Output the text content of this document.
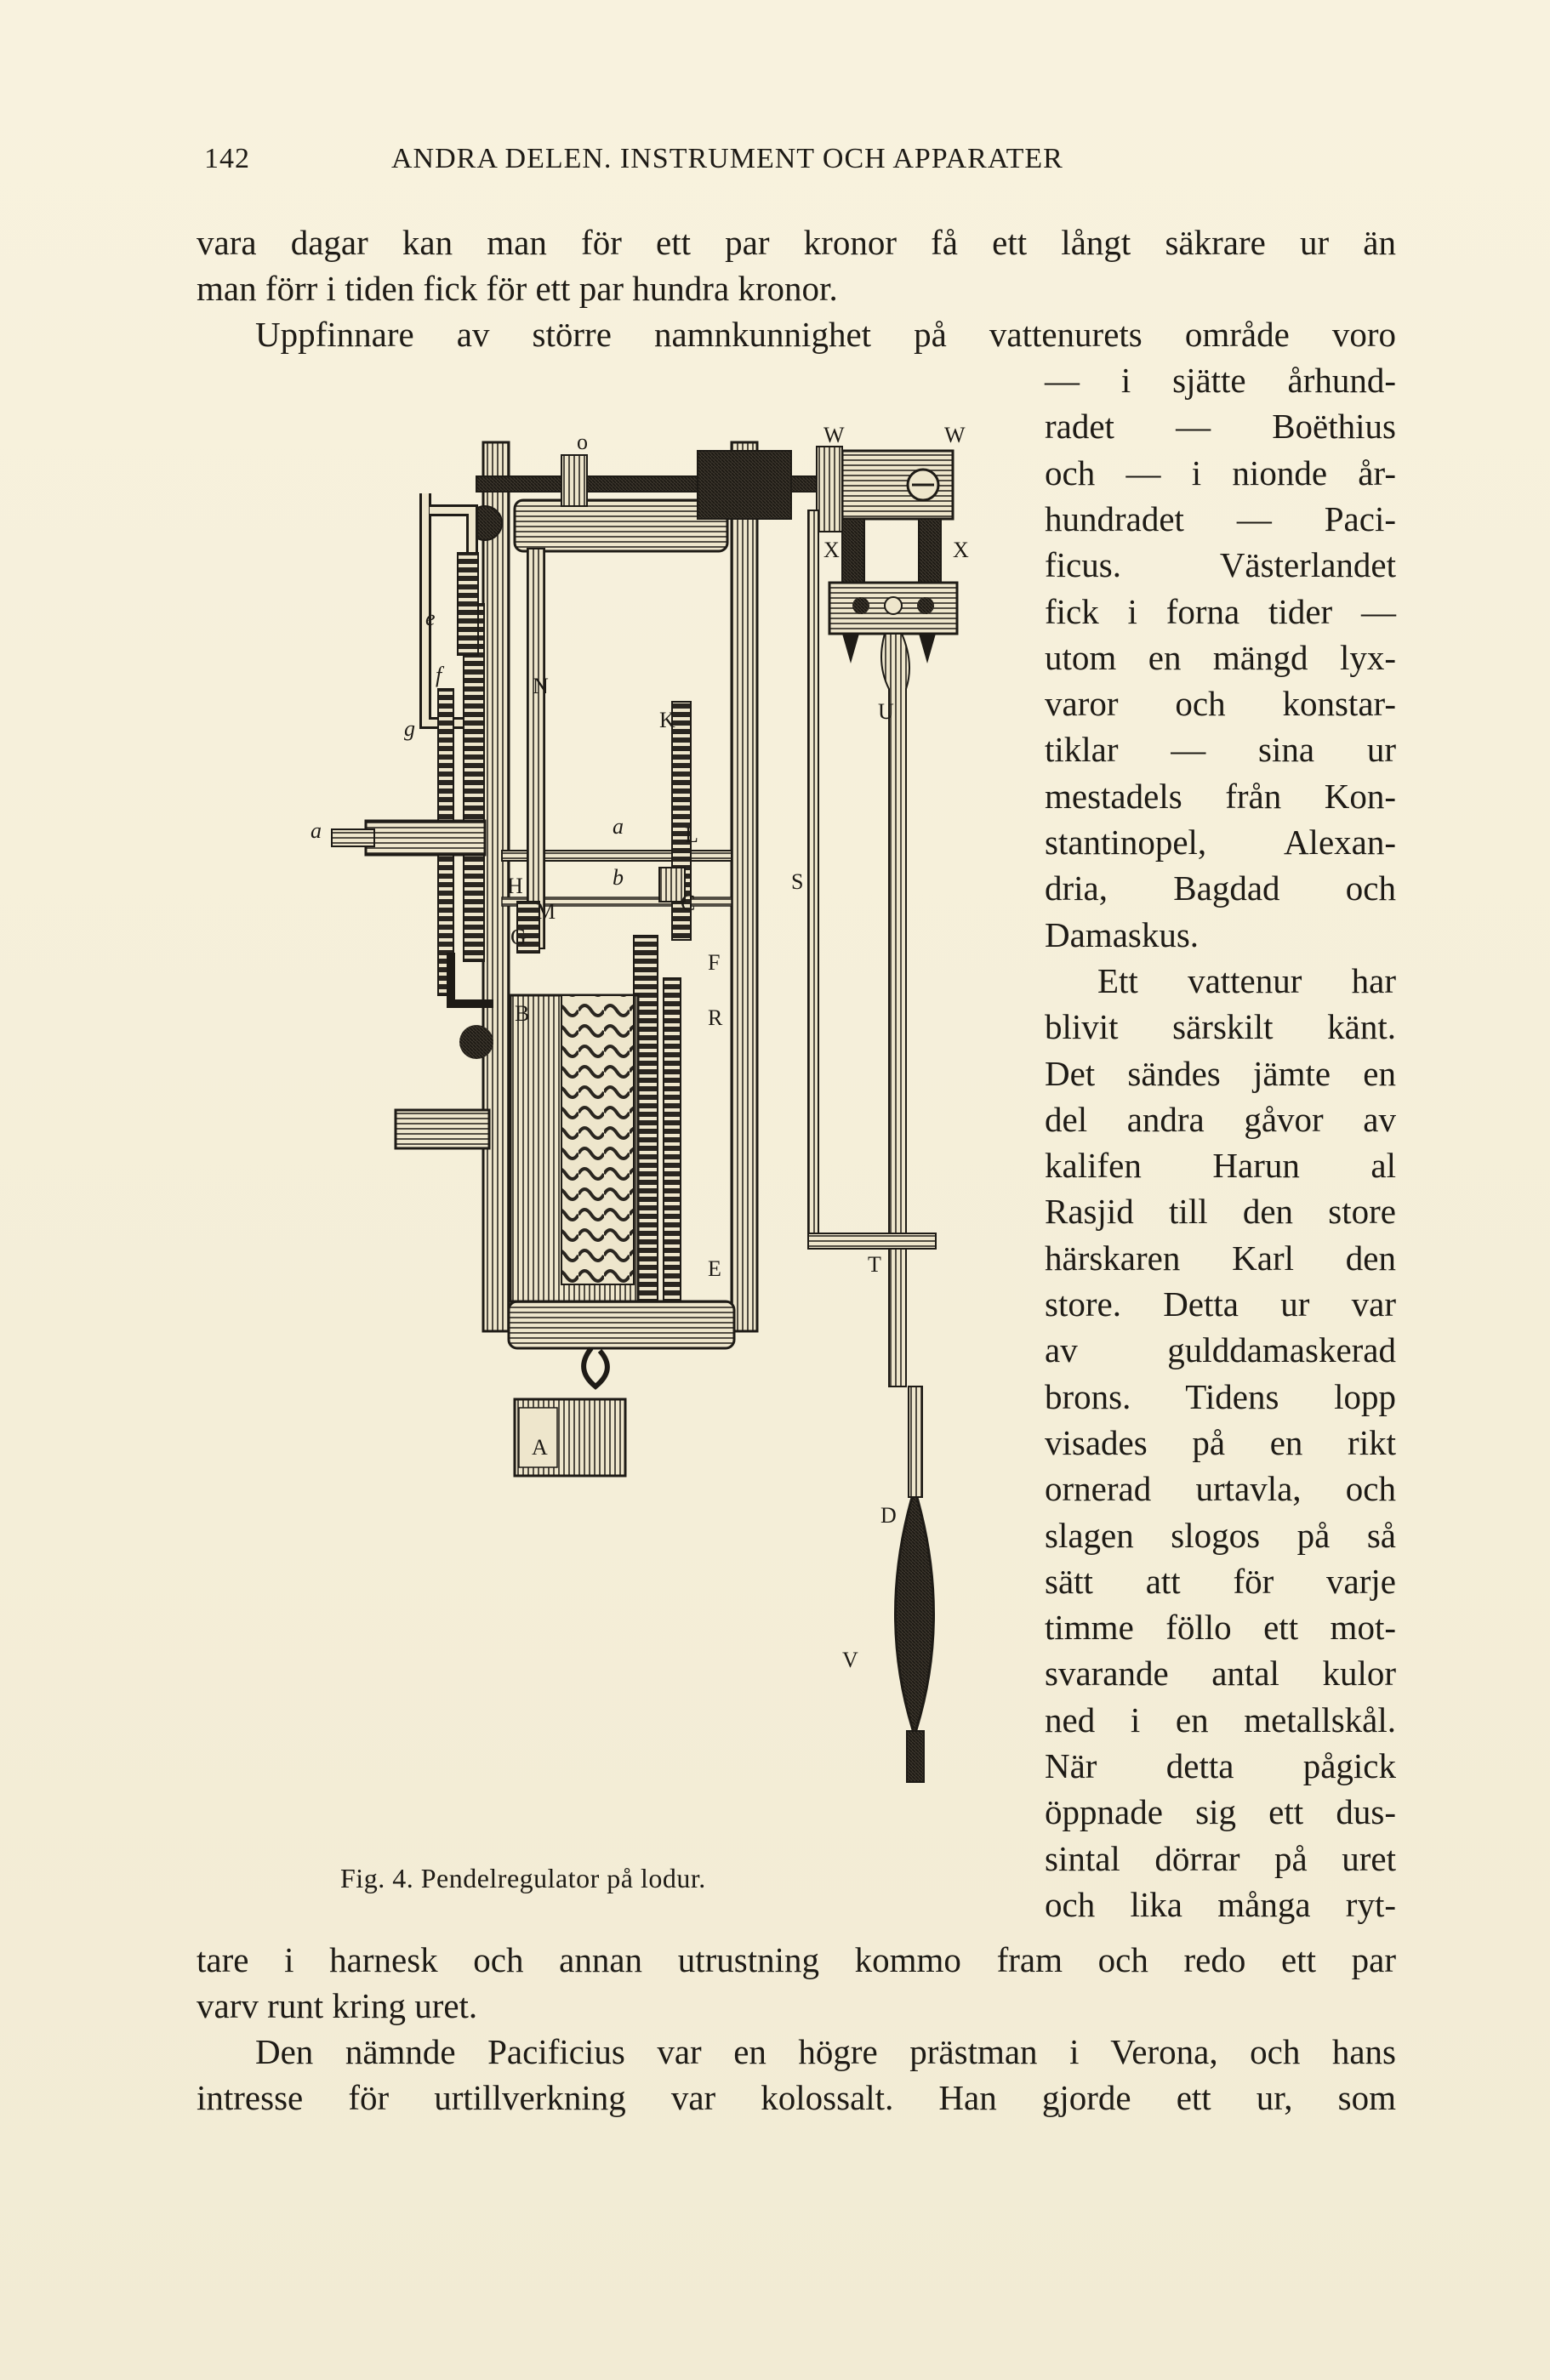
142	ANDRA DELEN. INSTRUMENT OCH APPARATER
vara dagar kan man för ett par kronor få ett långt säkrare ur än
man förr i tiden fick för ett par hundra kronor.
Uppfinnare av större namnkunnighet på vattenurets område voro
— i sjätte århund-
radet — Boëthius
och — i nionde år-
hundradet — Paci-
ficus. Västerlandet
fick i forna tider —
utom en mängd lyx-
varor och konstar-
tiklar — sina ur
mestadels från Kon-
stantinopel, Alexan-
dria, Bagdad och
Damaskus.
Ett vattenur har
blivit särskilt känt.
Det sändes jämte en
del andra gåvor av
kalifen Harun al
Rasjid till den store
härskaren Karl den
store. Detta ur var
av gulddamaskerad
brons. Tidens lopp
visades på en rikt
ornerad urtavla, och
slagen slogos på så
sätt att för varje
timme föllo ett mot-
svarande antal kulor
ned i en metallskål.
När detta pågick
öppnade sig ett dus-
sintal dörrar på uret
och lika många ryt-
o	W	W
X	X
e
f
g
N
K	U
a	a	L
b	S
H
M
G
C
B
F
R
E	T
A
D
V
Fig. 4. Pendelregulator på lodur.
tare i harnesk och annan utrustning kommo fram och redo ett par
varv runt kring uret.
Den nämnde Pacificius var en högre prästman i Verona, och hans
intresse för urtillverkning var kolossalt. Han gjorde ett ur, som
